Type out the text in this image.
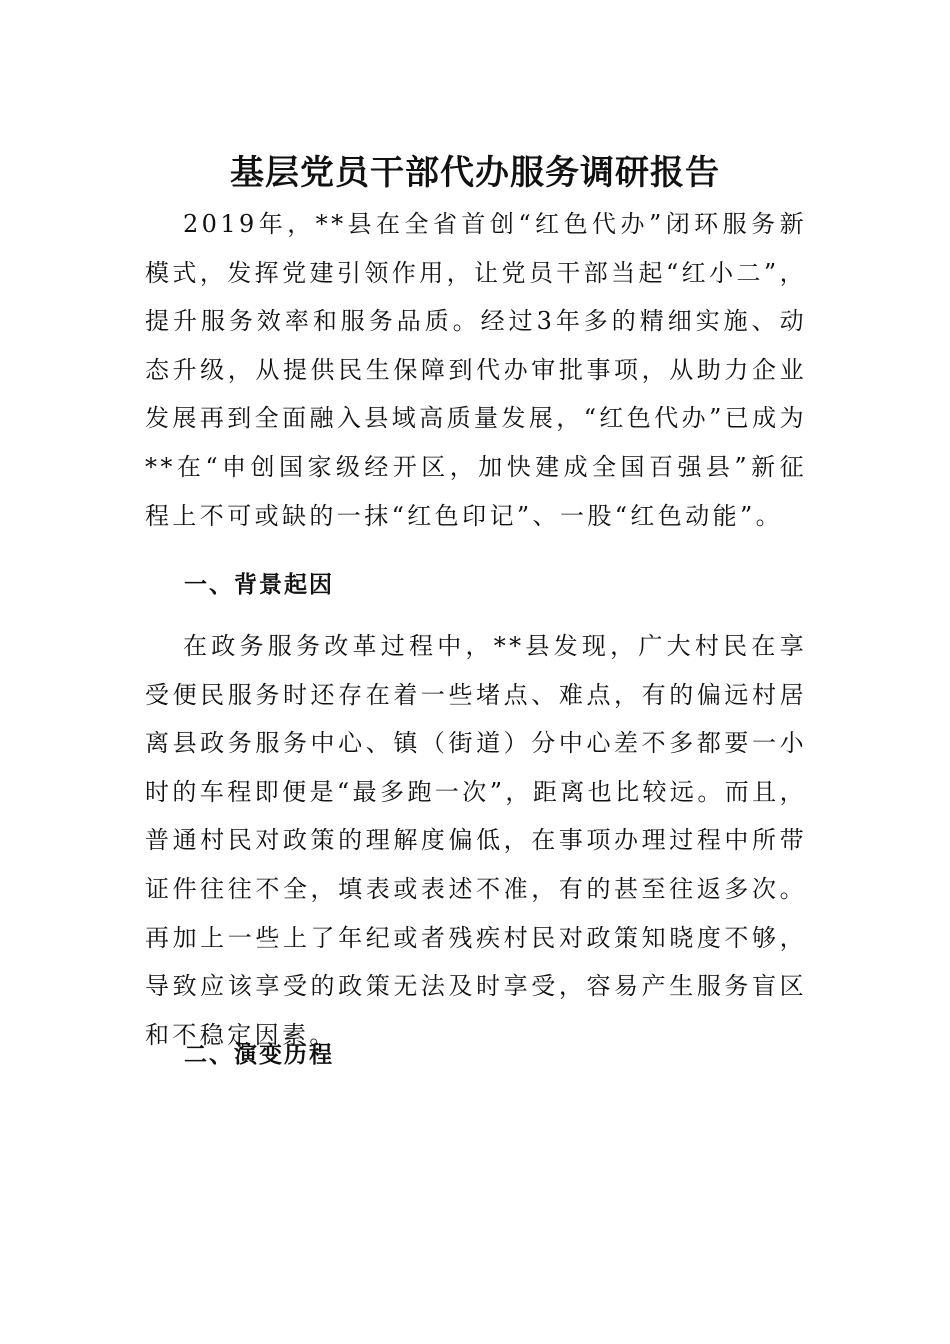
基层党员干部代办服务调研报告

2019年，**县在全省首创“红色代办”闭环服务新模式，发挥党建引领作用，让党员干部当起“红小二”，提升服务效率和服务品质。经过3年多的精细实施、动态升级，从提供民生保障到代办审批事项，从助力企业发展再到全面融入县域高质量发展，“红色代办”已成为**在“申创国家级经开区，加快建成全国百强县”新征程上不可或缺的一抹“红色印记”、一股“红色动能”。

一、背景起因

在政务服务改革过程中，**县发现，广大村民在享受便民服务时还存在着一些堵点、难点，有的偏远村居离县政务服务中心、镇（街道）分中心差不多都要一小时的车程即便是“最多跑一次”，距离也比较远。而且，普通村民对政策的理解度偏低，在事项办理过程中所带证件往往不全，填表或表述不准，有的甚至往返多次。再加上一些上了年纪或者残疾村民对政策知晓度不够，导致应该享受的政策无法及时享受，容易产生服务盲区和不稳定因素。

二、演变历程
